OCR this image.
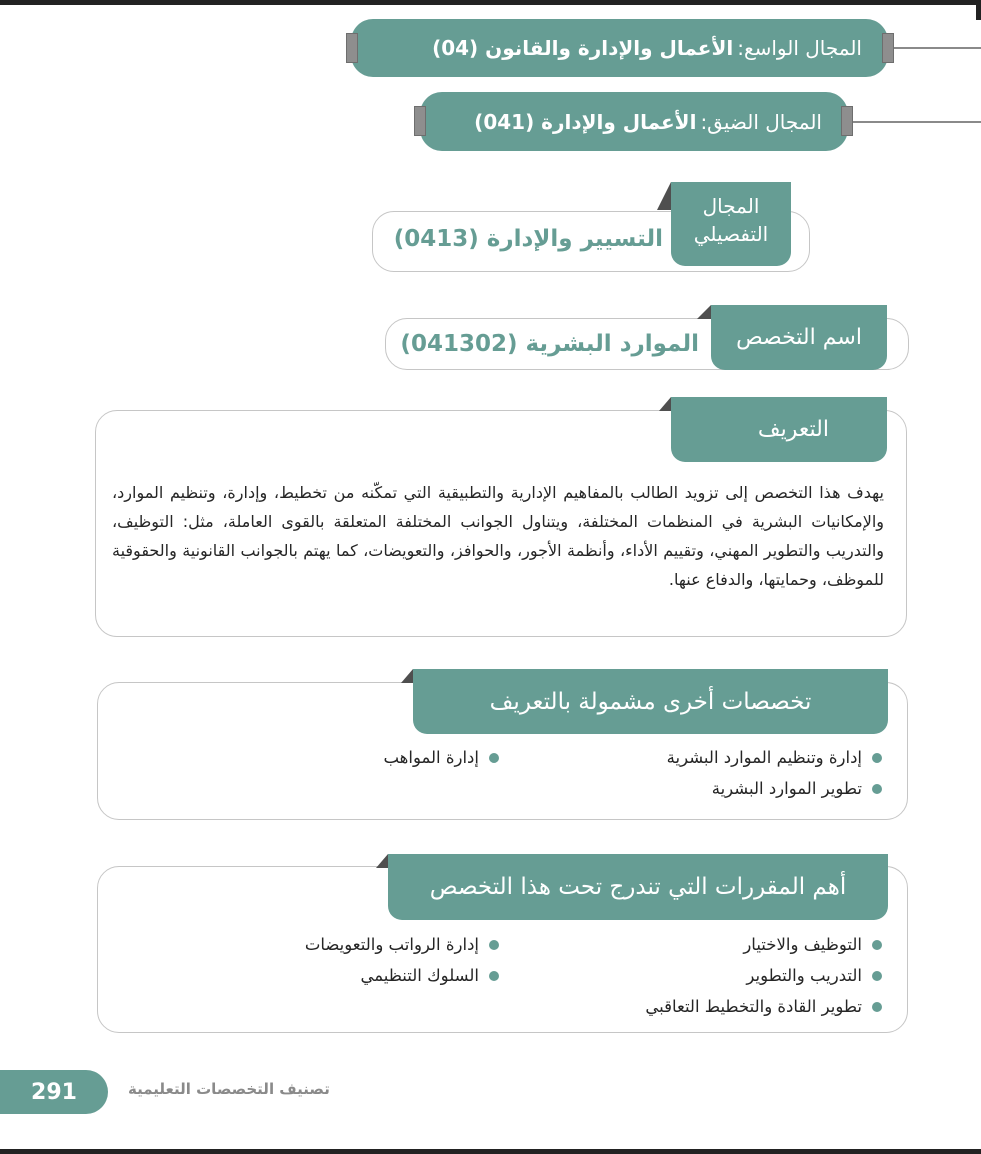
المجال الواسع:
الأعمال والإدارة والقانون (04)
المجال الضيق:
الأعمال والإدارة (041)
المجال
التفصيلي
التسيير والإدارة (0413)
اسم التخصص
الموارد البشرية (041302)
التعريف
يهدف هذا التخصص إلى تزويد الطالب بالمفاهيم الإدارية والتطبيقية التي تمكّنه من تخطيط، وإدارة، وتنظيم الموارد، والإمكانيات البشرية في المنظمات المختلفة، ويتناول الجوانب المختلفة المتعلقة بالقوى العاملة، مثل: التوظيف، والتدريب والتطوير المهني، وتقييم الأداء، وأنظمة الأجور، والحوافز، والتعويضات، كما يهتم بالجوانب القانونية والحقوقية للموظف، وحمايتها، والدفاع عنها.
تخصصات أخرى مشمولة بالتعريف
إدارة وتنظيم الموارد البشرية
إدارة المواهب
تطوير الموارد البشرية
أهم المقررات التي تندرج تحت هذا التخصص
التوظيف والاختيار
إدارة الرواتب والتعويضات
التدريب والتطوير
السلوك التنظيمي
تطوير القادة والتخطيط التعاقبي
291	تصنيف التخصصات التعليمية
